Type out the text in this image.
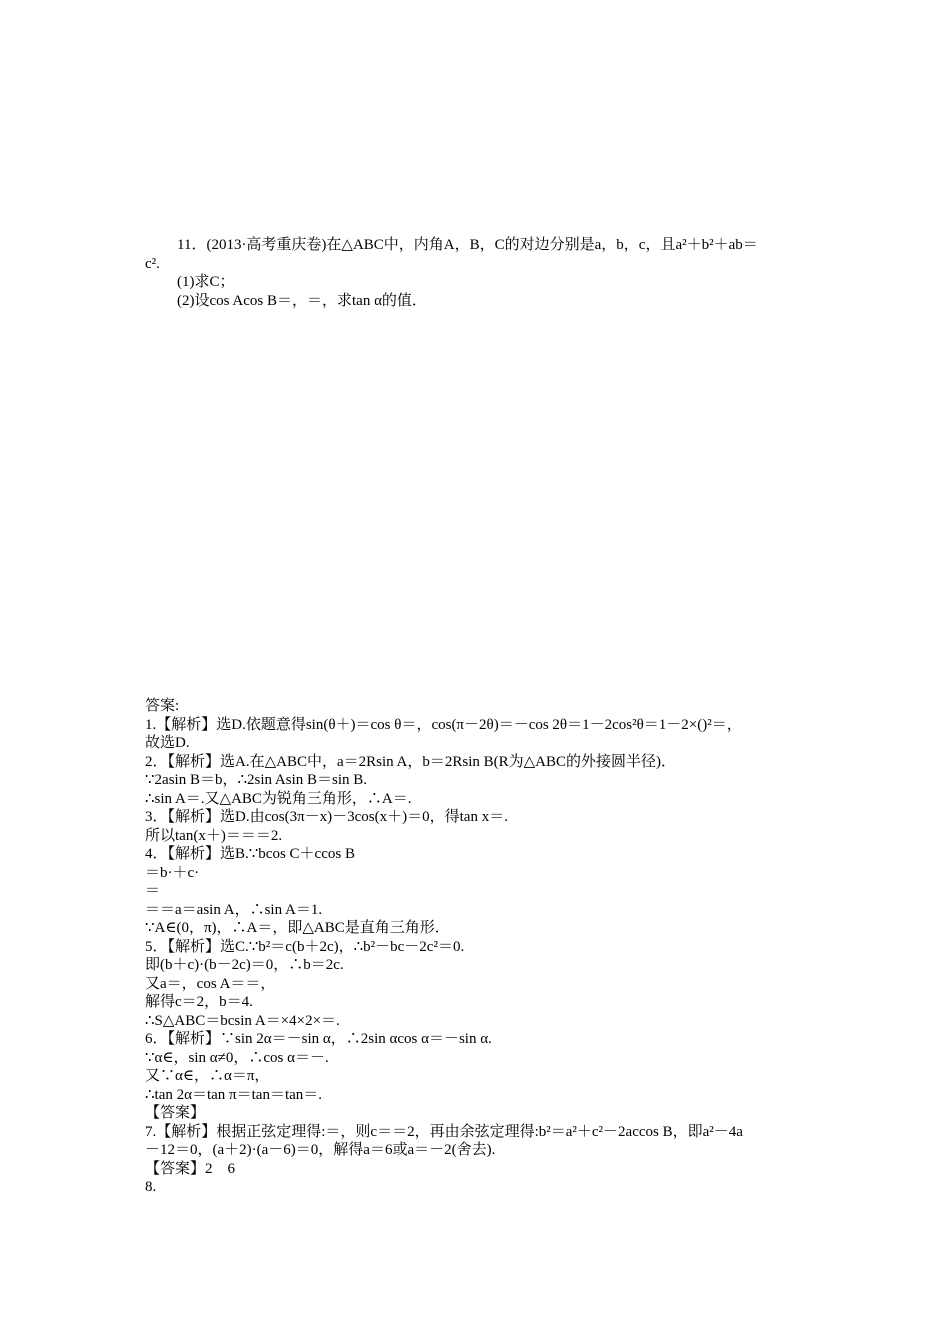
11．(2013·高考重庆卷)在△ABC中，内角A，B，C的对边分别是a，b，c，且a²＋b²＋ab＝
c².
(1)求C；
(2)设cos Acos B＝，＝，求tan α的值．
答案:
1.【解析】选D.依题意得sin(θ＋)＝cos θ＝，cos(π－2θ)＝－cos 2θ＝1－2cos²θ＝1－2×()²＝，
故选D.
2．【解析】选A.在△ABC中，a＝2Rsin A，b＝2Rsin B(R为△ABC的外接圆半径)．
∵2asin B＝b，∴2sin Asin B＝sin B.
∴sin A＝.又△ABC为锐角三角形，∴A＝.
3．【解析】选D.由cos(3π－x)－3cos(x＋)＝0，得tan x＝.
所以tan(x＋)＝＝＝2.
4．【解析】选B.∵bcos C＋ccos B
＝b·＋c·
＝
＝＝a＝asin A，∴sin A＝1.
∵A∈(0，π)，∴A＝，即△ABC是直角三角形．
5．【解析】选C.∵b²＝c(b＋2c)，∴b²－bc－2c²＝0.
即(b＋c)·(b－2c)＝0，∴b＝2c.
又a＝，cos A＝＝，
解得c＝2，b＝4.
∴S△ABC＝bcsin A＝×4×2×＝.
6．【解析】∵sin 2α＝－sin α，∴2sin αcos α＝－sin α.
∵α∈，sin α≠0，∴cos α＝－.
又∵α∈，∴α＝π，
∴tan 2α＝tan π＝tan＝tan＝.
【答案】
7.【解析】根据正弦定理得:＝，则c＝＝2，再由余弦定理得:b²＝a²＋c²－2accos B，即a²－4a
－12＝0，(a＋2)·(a－6)＝0，解得a＝6或a＝－2(舍去).
【答案】2　6
8.
